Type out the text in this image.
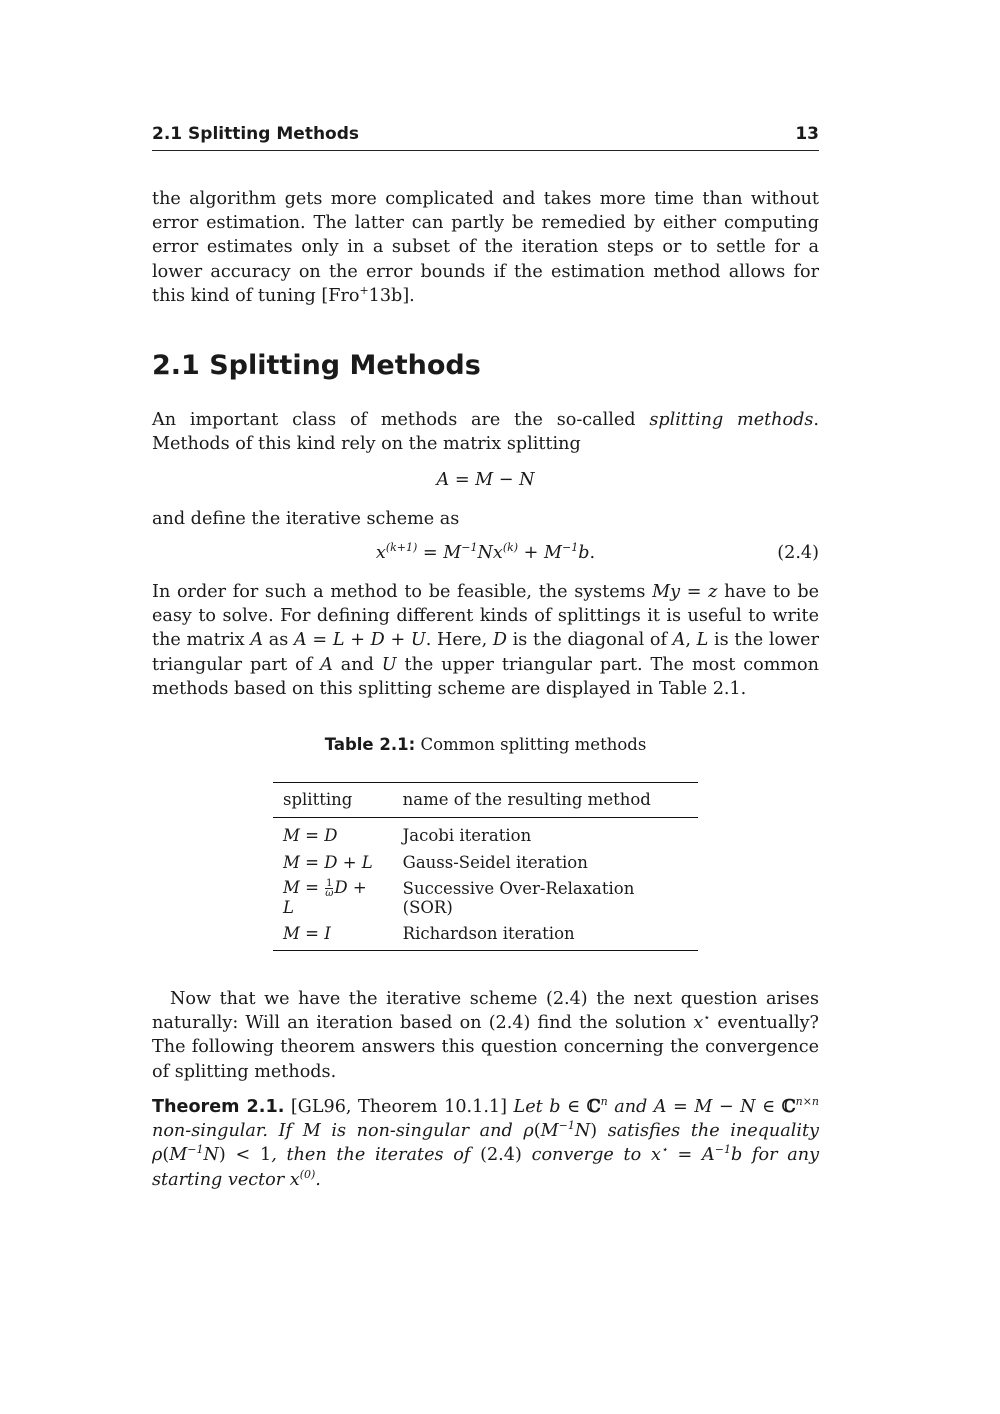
2.1 Splitting Methods	13

the algorithm gets more complicated and takes more time than without error estimation. The latter can partly be remedied by either computing error estimates only in a subset of the iteration steps or to settle for a lower accuracy on the error bounds if the estimation method allows for this kind of tuning [Fro+13b].

2.1 Splitting Methods

An important class of methods are the so-called splitting methods. Methods of this kind rely on the matrix splitting

A = M − N

and define the iterative scheme as

$x^{(k+1)} = M^{-1}Nx^{(k)} + M^{-1}b$.	(2.4)

In order for such a method to be feasible, the systems My = z have to be easy to solve. For defining different kinds of splittings it is useful to write the matrix A as A = L + D + U. Here, D is the diagonal of A, L is the lower triangular part of A and U the upper triangular part. The most common methods based on this splitting scheme are displayed in Table 2.1.

Table 2.1: Common splitting methods
splitting	name of the resulting method
M = D	Jacobi iteration
M = D + L	Gauss-Seidel iteration
$M = \frac{1}{\omega}$ D + L	Successive Over-Relaxation (SOR)
M = I	Richardson iteration

Now that we have the iterative scheme (2.4) the next question arises naturally: Will an iteration based on (2.4) find the solution x⋆ eventually? The following theorem answers this question concerning the convergence of splitting methods.

Theorem 2.1. [GL96, Theorem 10.1.1] Let b ∈ ℂ$^n$ and A = M − N ∈ ℂ$^{n\times n}$ non-singular. If M is non-singular and $\rho(M^{-1}N)$ satisfies the inequality $\rho(M^{-1}N) < 1$, then the iterates of (2.4) converge to $x^⋆ = A^{-1}b$ for any starting vector $x^{(0)}$.
